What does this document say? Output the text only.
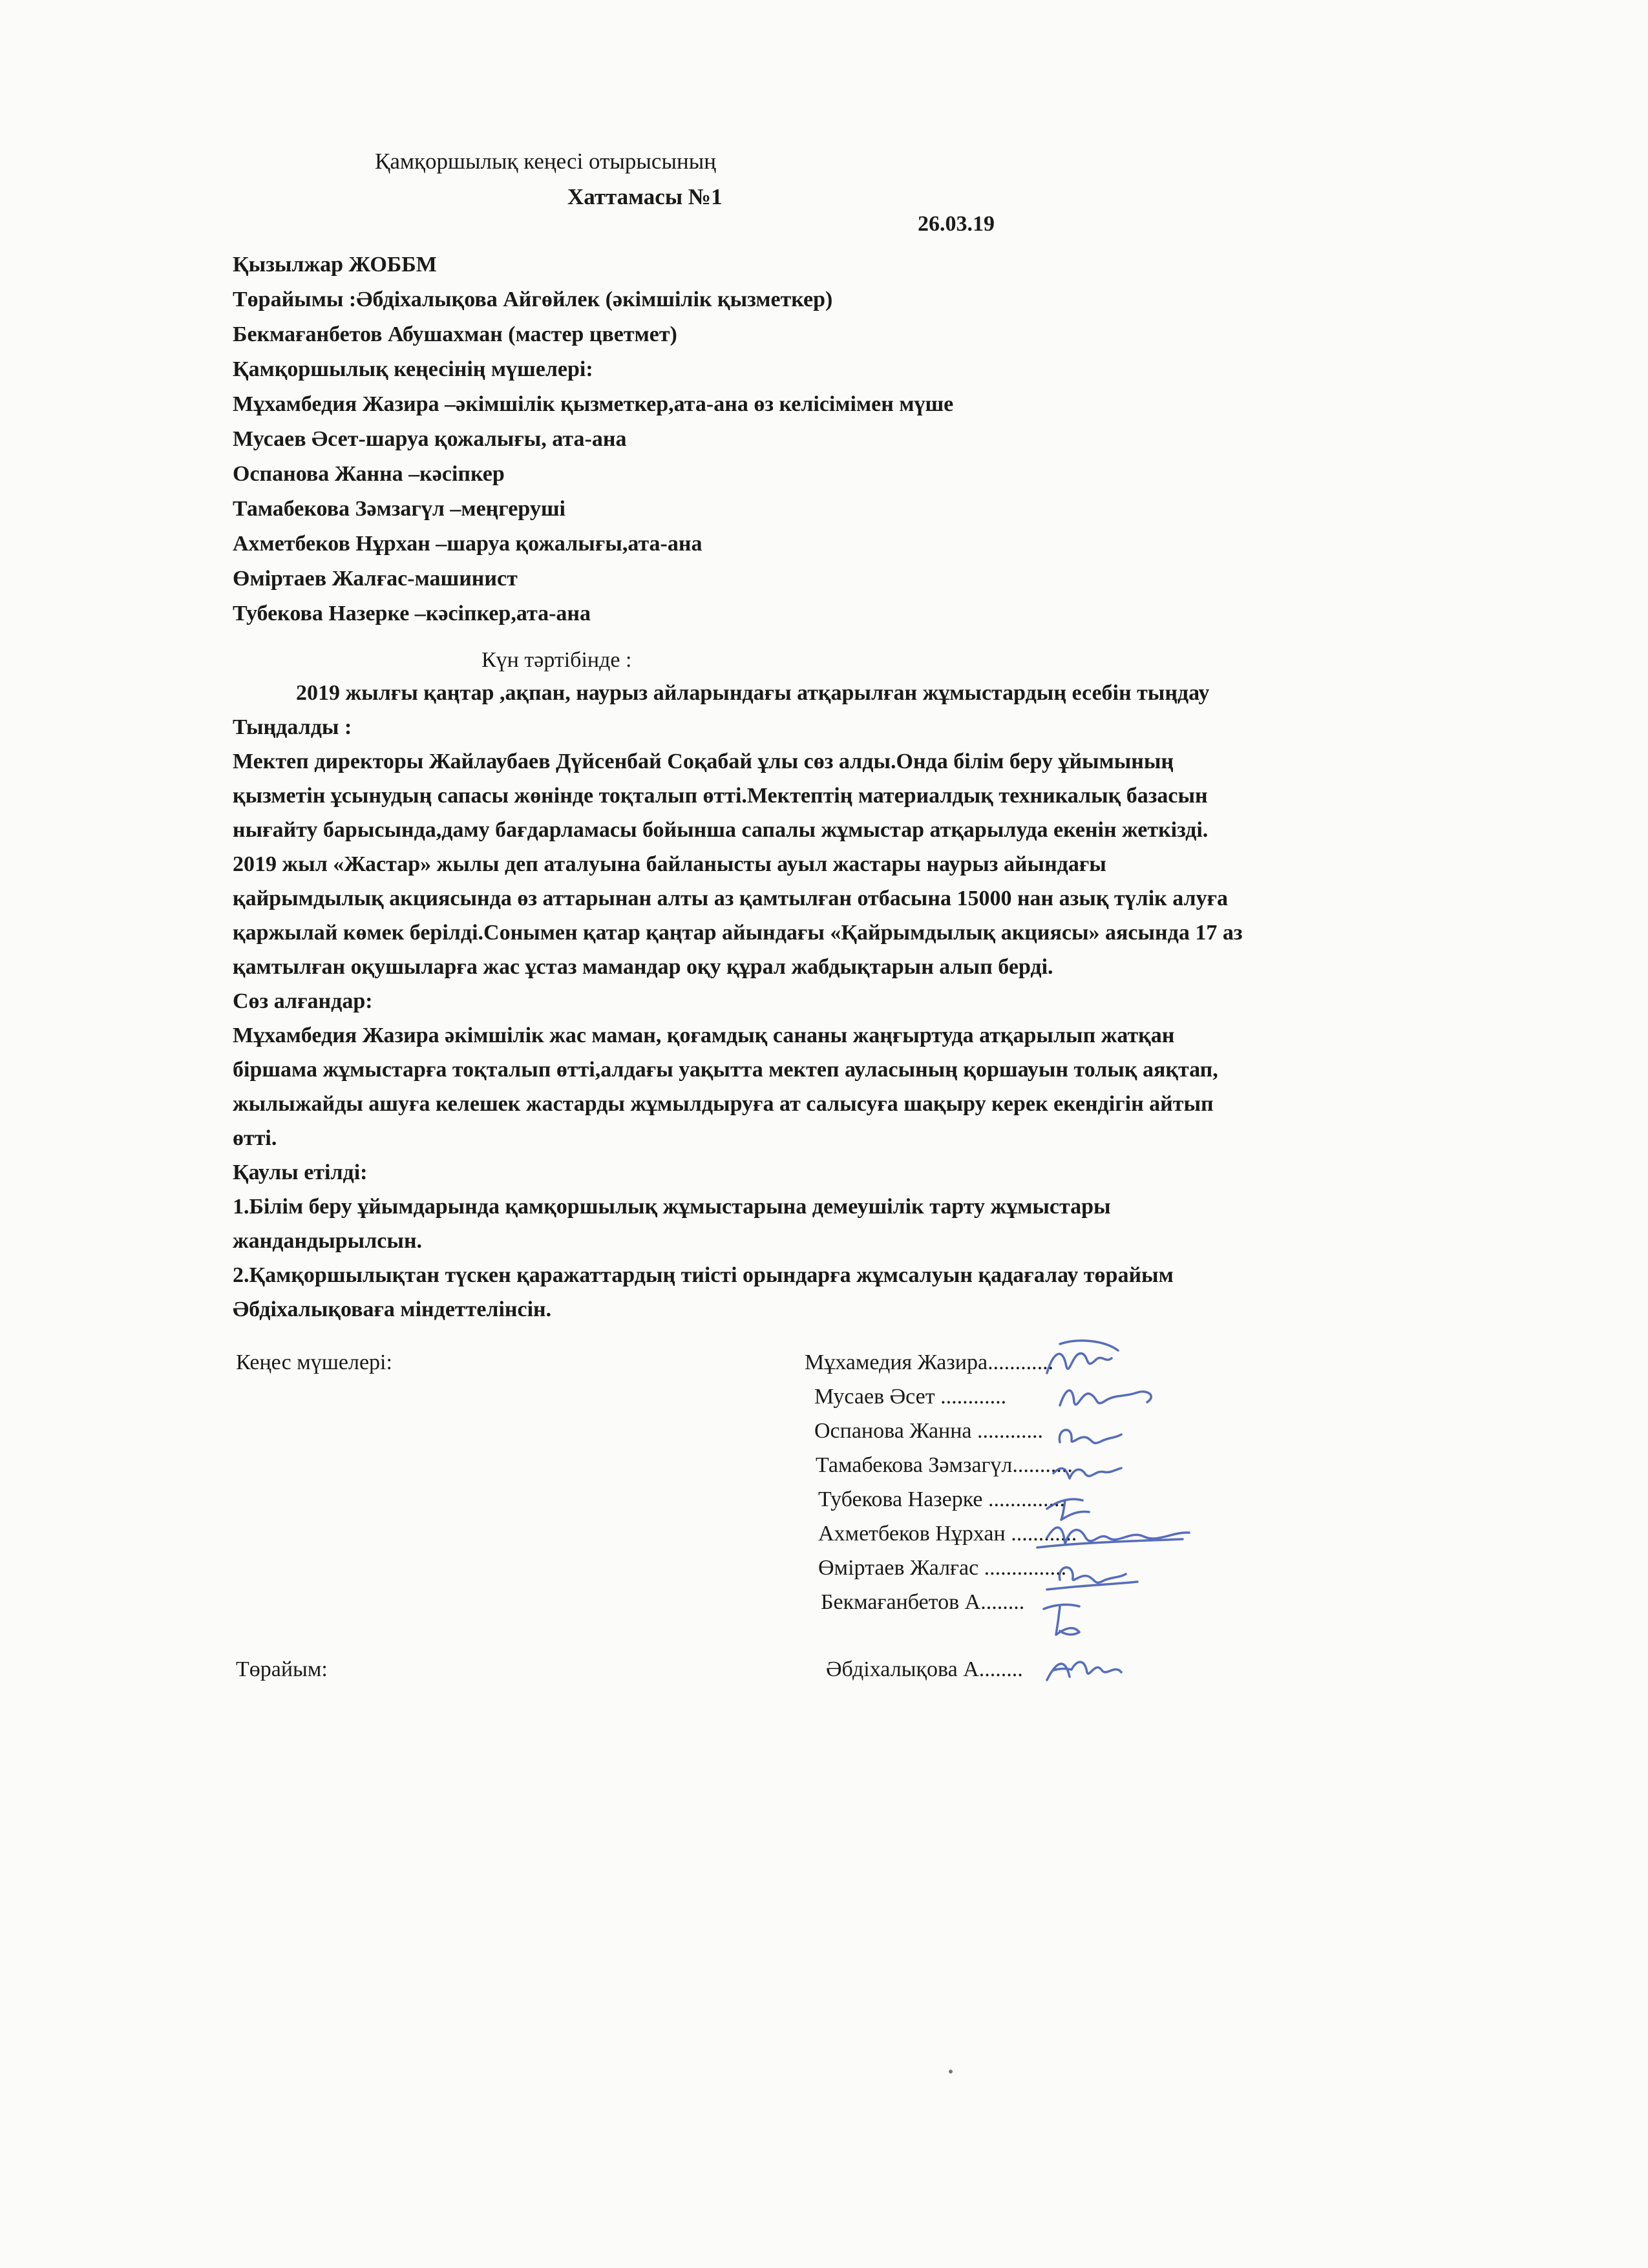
Қамқоршылық кеңесі отырысының
Хаттамасы №1
26.03.19
Қызылжар ЖОББМ
Төрайымы :Әбдіхалықова Айгөйлек (әкімшілік қызметкер)
Бекмағанбетов Абушахман (мастер цветмет)
Қамқоршылық кеңесінің мүшелері:
Мұхамбедия Жазира –әкімшілік қызметкер,ата-ана өз келісімімен мүше
Мусаев Әсет-шаруа қожалығы, ата-ана
Оспанова Жанна –кәсіпкер
Тамабекова Зәмзагүл –меңгеруші
Ахметбеков Нұрхан –шаруа қожалығы,ата-ана
Өміртаев Жалғас-машинист
Тубекова Назерке –кәсіпкер,ата-ана
Күн тәртібінде :
2019 жылғы қаңтар ,ақпан, наурыз айларындағы атқарылған жұмыстардың есебін тыңдау
Тыңдалды :
Мектеп директоры Жайлаубаев Дүйсенбай Соқабай ұлы сөз алды.Онда білім беру ұйымының
қызметін ұсынудың сапасы жөнінде тоқталып өтті.Мектептің материалдық техникалық базасын
нығайту барысында,даму бағдарламасы бойынша сапалы жұмыстар атқарылуда екенін жеткізді.
2019 жыл «Жастар» жылы деп аталуына байланысты ауыл жастары наурыз айындағы
қайрымдылық акциясында өз аттарынан алты аз қамтылған отбасына 15000 нан азық түлік алуға
қаржылай көмек берілді.Сонымен қатар қаңтар айындағы «Қайрымдылық акциясы» аясында 17 аз
қамтылған оқушыларға жас ұстаз мамандар оқу құрал жабдықтарын алып берді.
Сөз алғандар:
Мұхамбедия Жазира әкімшілік жас маман, қоғамдық сананы жаңғыртуда атқарылып жатқан
біршама жұмыстарға тоқталып өтті,алдағы уақытта мектеп ауласының қоршауын толық аяқтап,
жылыжайды ашуға келешек жастарды жұмылдыруға ат салысуға шақыру керек екендігін айтып
өтті.
Қаулы етілді:
1.Білім беру ұйымдарында қамқоршылық жұмыстарына демеушілік тарту жұмыстары
жандандырылсын.
2.Қамқоршылықтан түскен қаражаттардың тиісті орындарға жұмсалуын қадағалау төрайым
Әбдіхалықоваға міндеттелінсін.
Кеңес мүшелері:	Мұхамедия Жазира............
Мусаев Әсет ............
Оспанова Жанна ............
Тамабекова Зәмзагүл...........
Тубекова Назерке ..............
Ахметбеков Нұрхан ............
Өміртаев Жалғас ...............
Бекмағанбетов А........
Төрайым:	Әбдіхалықова А........
